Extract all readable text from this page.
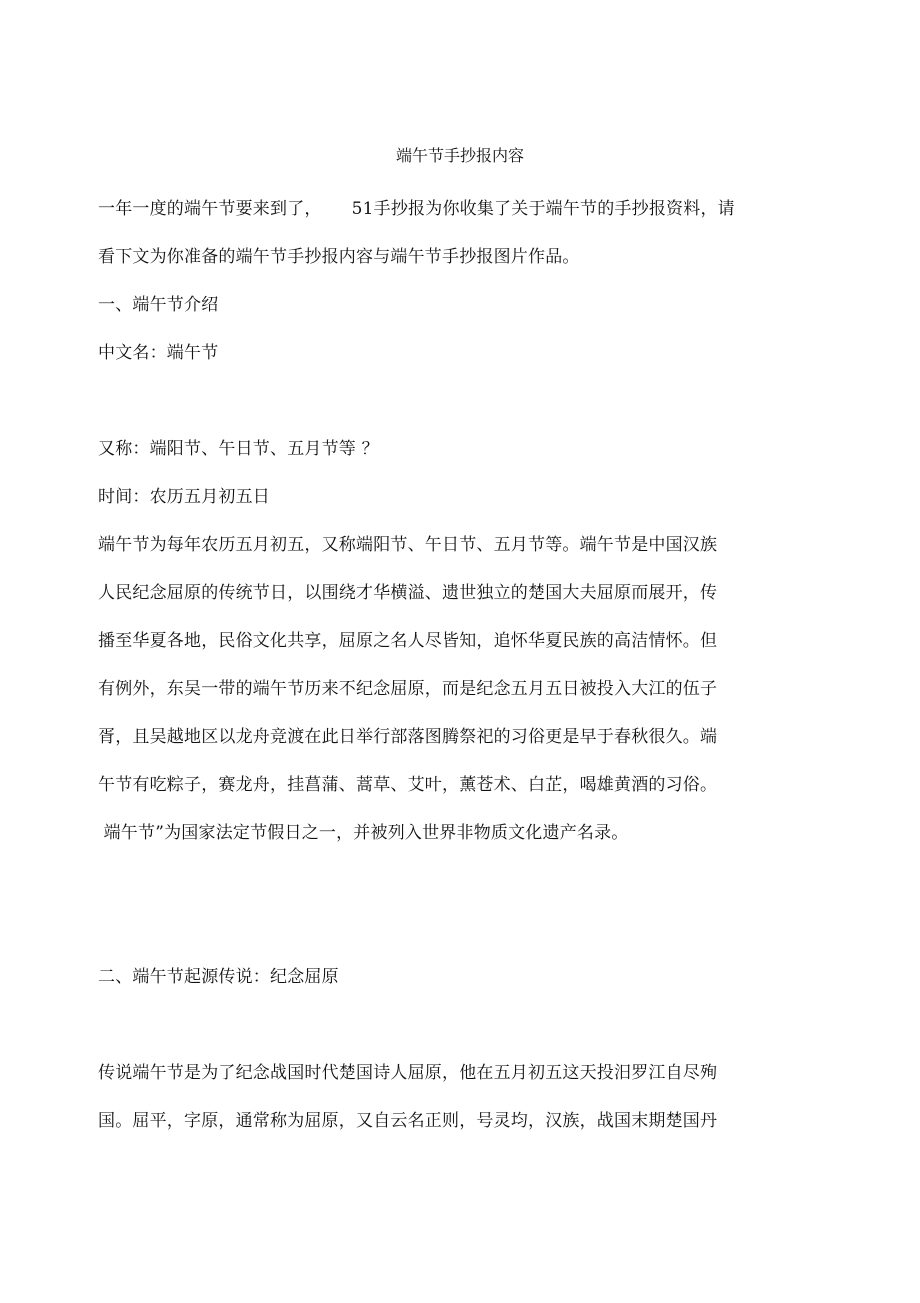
端午节手抄报内容
一年一度的端午节要来到了， 51手抄报为你收集了关于端午节的手抄报资料，请
看下文为你准备的端午节手抄报内容与端午节手抄报图片作品。
一、端午节介绍
中文名：端午节
又称：端阳节、午日节、五月节等 ？
时间：农历五月初五日
端午节为每年农历五月初五，又称端阳节、午日节、五月节等。端午节是中国汉族
人民纪念屈原的传统节日，以围绕才华横溢、遗世独立的楚国大夫屈原而展开，传
播至华夏各地，民俗文化共享，屈原之名人尽皆知，追怀华夏民族的高洁情怀。但
有例外，东吴一带的端午节历来不纪念屈原，而是纪念五月五日被投入大江的伍子
胥，且吴越地区以龙舟竞渡在此日举行部落图腾祭祀的习俗更是早于春秋很久。端
午节有吃粽子，赛龙舟，挂菖蒲、蒿草、艾叶，薰苍术、白芷，喝雄黄酒的习俗。
端午节”为国家法定节假日之一，并被列入世界非物质文化遗产名录。
二、端午节起源传说：纪念屈原
传说端午节是为了纪念战国时代楚国诗人屈原，他在五月初五这天投汨罗江自尽殉
国。屈平，字原，通常称为屈原，又自云名正则，号灵均，汉族，战国末期楚国丹
